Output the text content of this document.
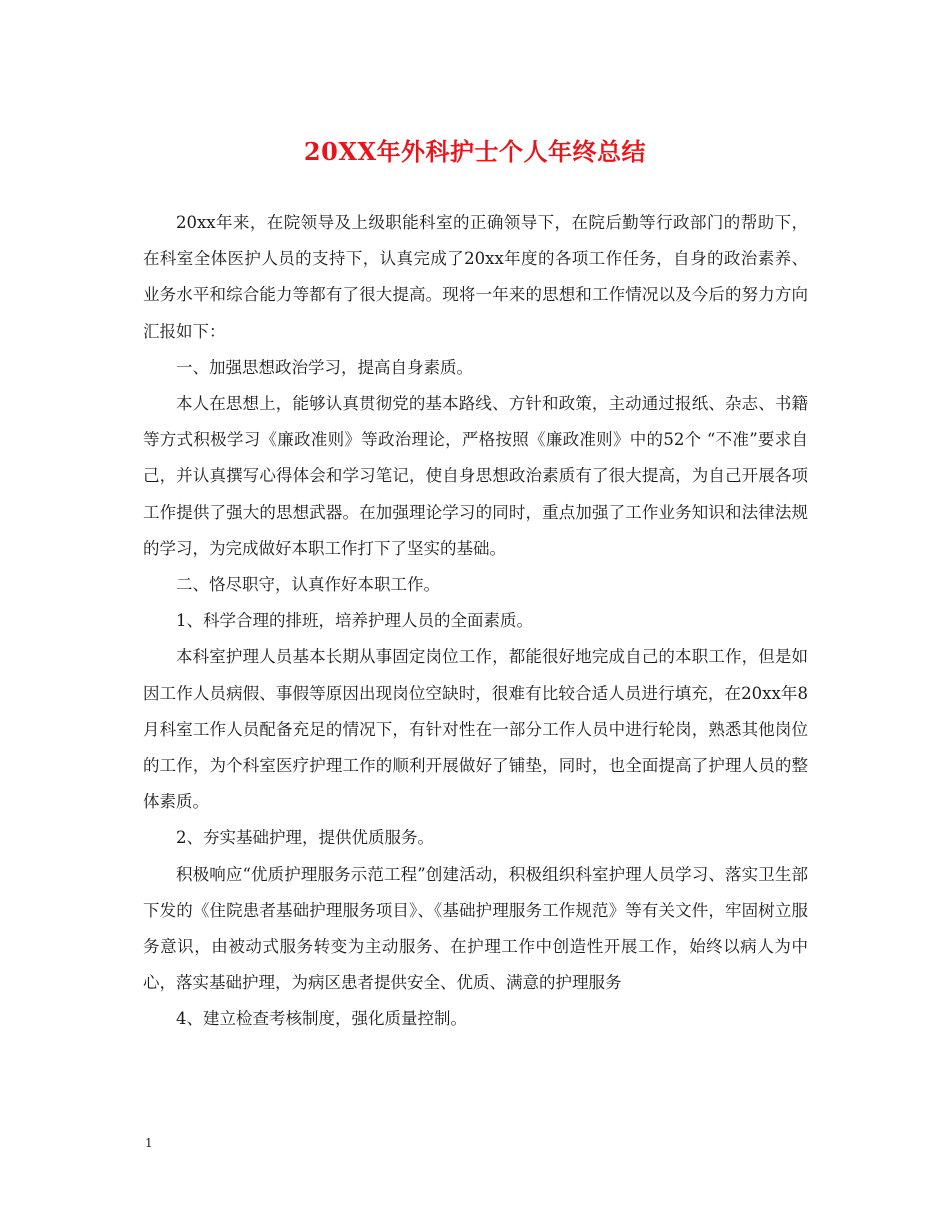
20XX年外科护士个人年终总结

20xx年来，在院领导及上级职能科室的正确领导下，在院后勤等行政部门的帮助下，在科室全体医护人员的支持下，认真完成了20xx年度的各项工作任务，自身的政治素养、业务水平和综合能力等都有了很大提高。现将一年来的思想和工作情况以及今后的努力方向汇报如下：

一、加强思想政治学习，提高自身素质。

本人在思想上，能够认真贯彻党的基本路线、方针和政策，主动通过报纸、杂志、书籍等方式积极学习《廉政准则》等政治理论，严格按照《廉政准则》中的52个 “不准”要求自己，并认真撰写心得体会和学习笔记，使自身思想政治素质有了很大提高，为自己开展各项工作提供了强大的思想武器。在加强理论学习的同时，重点加强了工作业务知识和法律法规的学习，为完成做好本职工作打下了坚实的基础。

二、恪尽职守，认真作好本职工作。

1、科学合理的排班，培养护理人员的全面素质。

本科室护理人员基本长期从事固定岗位工作，都能很好地完成自己的本职工作，但是如因工作人员病假、事假等原因出现岗位空缺时，很难有比较合适人员进行填充，在20xx年8月科室工作人员配备充足的情况下，有针对性在一部分工作人员中进行轮岗，熟悉其他岗位的工作，为个科室医疗护理工作的顺利开展做好了铺垫，同时，也全面提高了护理人员的整体素质。

2、夯实基础护理，提供优质服务。

积极响应“优质护理服务示范工程”创建活动，积极组织科室护理人员学习、落实卫生部下发的《住院患者基础护理服务项目》、《基础护理服务工作规范》等有关文件，牢固树立服务意识，由被动式服务转变为主动服务、在护理工作中创造性开展工作，始终以病人为中心，落实基础护理，为病区患者提供安全、优质、满意的护理服务

4、建立检查考核制度，强化质量控制。

1
